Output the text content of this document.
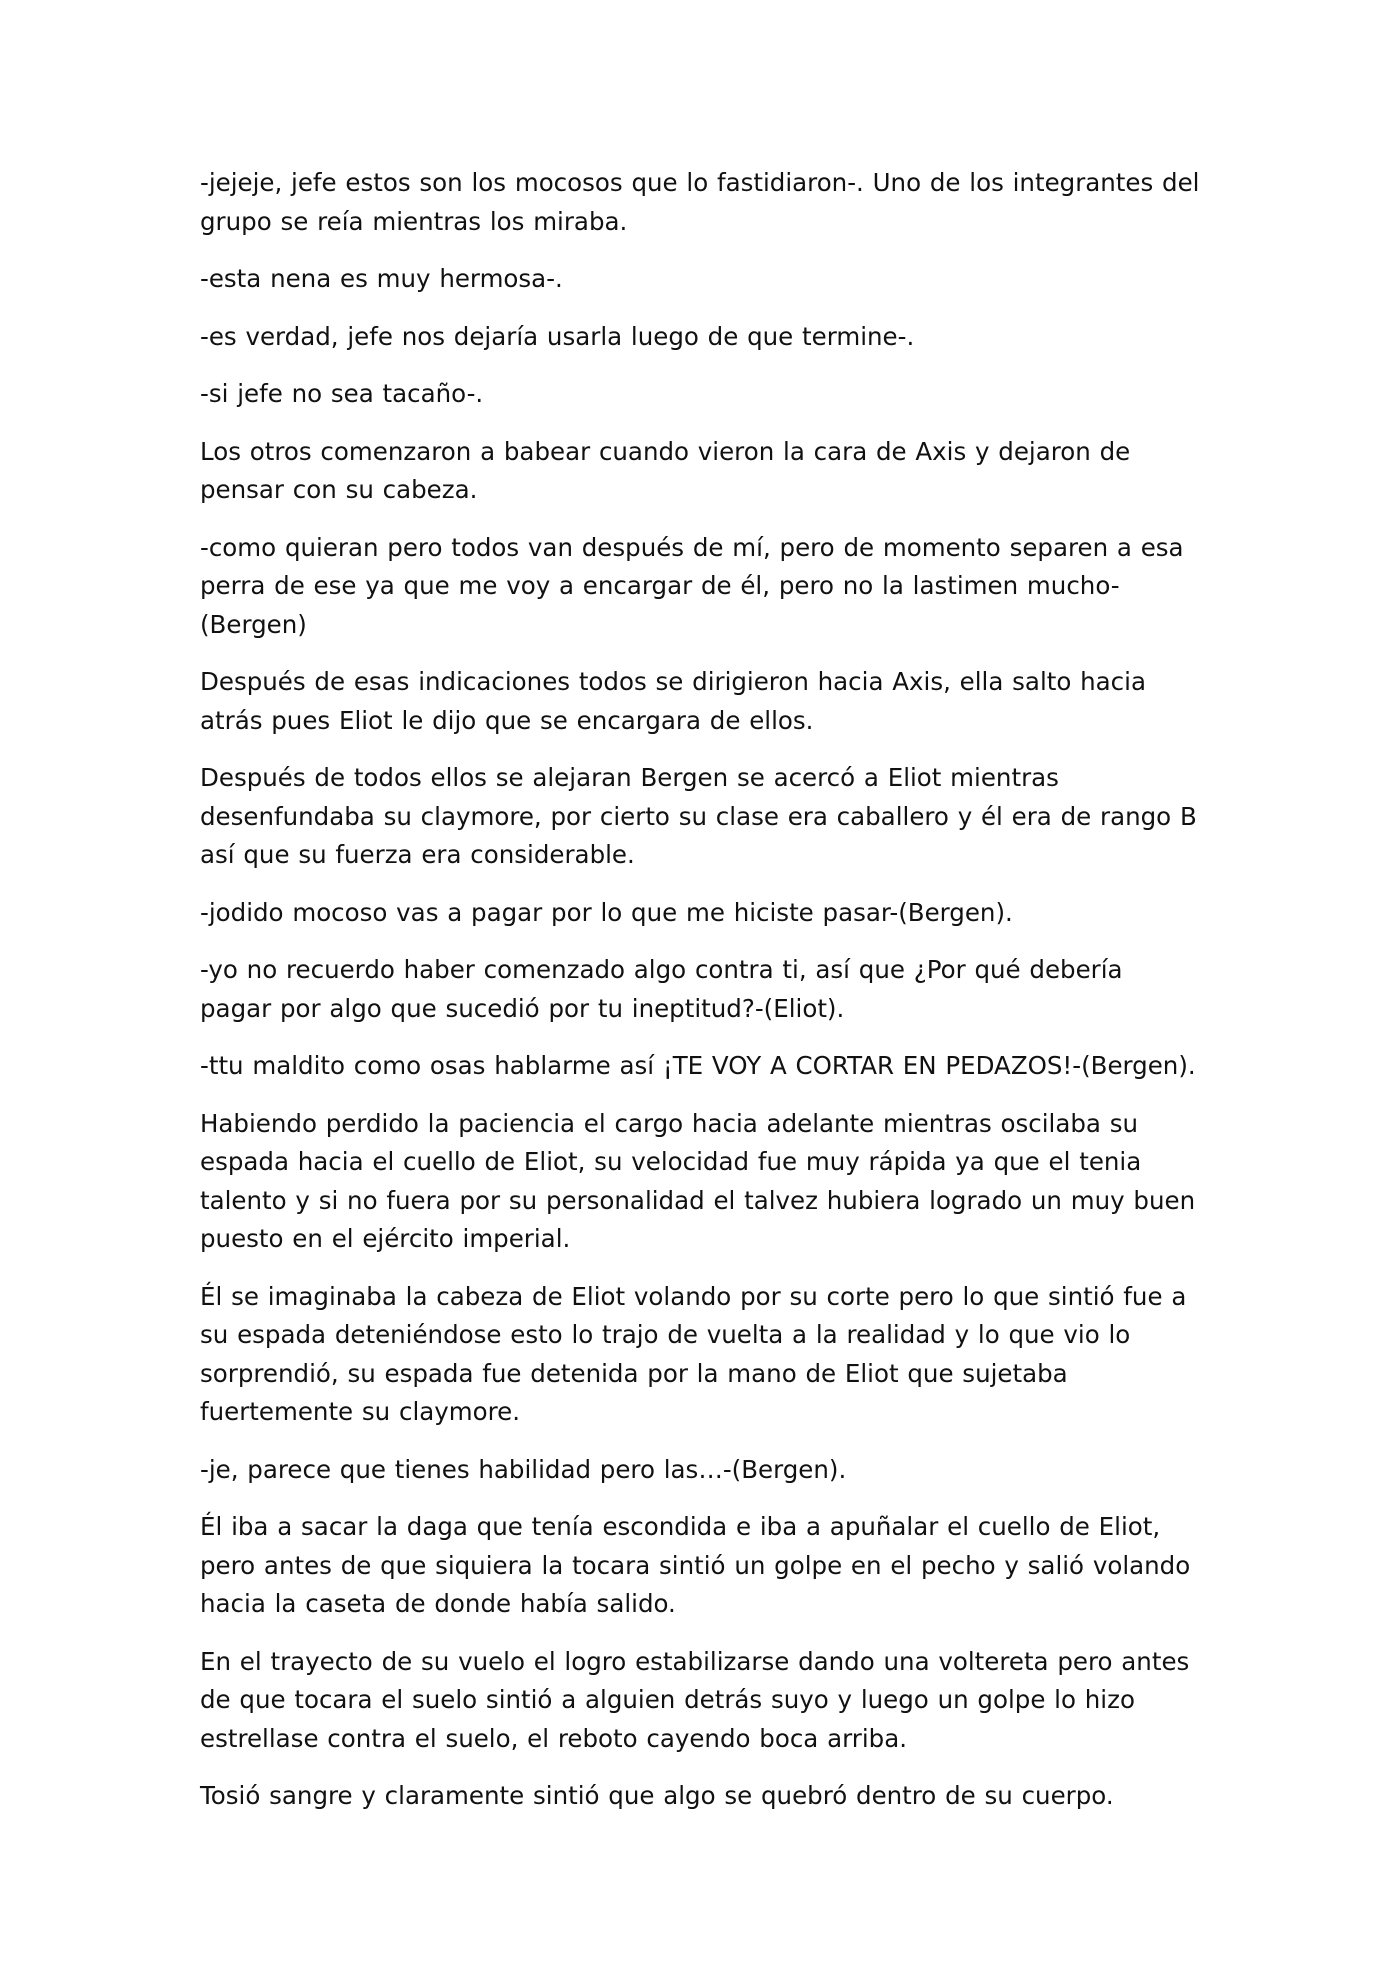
-jejeje, jefe estos son los mocosos que lo fastidiaron-. Uno de los integrantes del grupo se reía mientras los miraba.

-esta nena es muy hermosa-.

-es verdad, jefe nos dejaría usarla luego de que termine-.

-si jefe no sea tacaño-.

Los otros comenzaron a babear cuando vieron la cara de Axis y dejaron de pensar con su cabeza.

-como quieran pero todos van después de mí, pero de momento separen a esa perra de ese ya que me voy a encargar de él, pero no la lastimen mucho-(Bergen)

Después de esas indicaciones todos se dirigieron hacia Axis, ella salto hacia atrás pues Eliot le dijo que se encargara de ellos.

Después de todos ellos se alejaran Bergen se acercó a Eliot mientras desenfundaba su claymore, por cierto su clase era caballero y él era de rango B así que su fuerza era considerable.

-jodido mocoso vas a pagar por lo que me hiciste pasar-(Bergen).

-yo no recuerdo haber comenzado algo contra ti, así que ¿Por qué debería pagar por algo que sucedió por tu ineptitud?-(Eliot).

-ttu maldito como osas hablarme así ¡TE VOY A CORTAR EN PEDAZOS!-(Bergen).

Habiendo perdido la paciencia el cargo hacia adelante mientras oscilaba su espada hacia el cuello de Eliot, su velocidad fue muy rápida ya que el tenia talento y si no fuera por su personalidad el talvez hubiera logrado un muy buen puesto en el ejército imperial.

Él se imaginaba la cabeza de Eliot volando por su corte pero lo que sintió fue a su espada deteniéndose esto lo trajo de vuelta a la realidad y lo que vio lo sorprendió, su espada fue detenida por la mano de Eliot que sujetaba fuertemente su claymore.

-je, parece que tienes habilidad pero las…-(Bergen).

Él iba a sacar la daga que tenía escondida e iba a apuñalar el cuello de Eliot, pero antes de que siquiera la tocara sintió un golpe en el pecho y salió volando hacia la caseta de donde había salido.

En el trayecto de su vuelo el logro estabilizarse dando una voltereta pero antes de que tocara el suelo sintió a alguien detrás suyo y luego un golpe lo hizo estrellase contra el suelo, el reboto cayendo boca arriba.

Tosió sangre y claramente sintió que algo se quebró dentro de su cuerpo.
